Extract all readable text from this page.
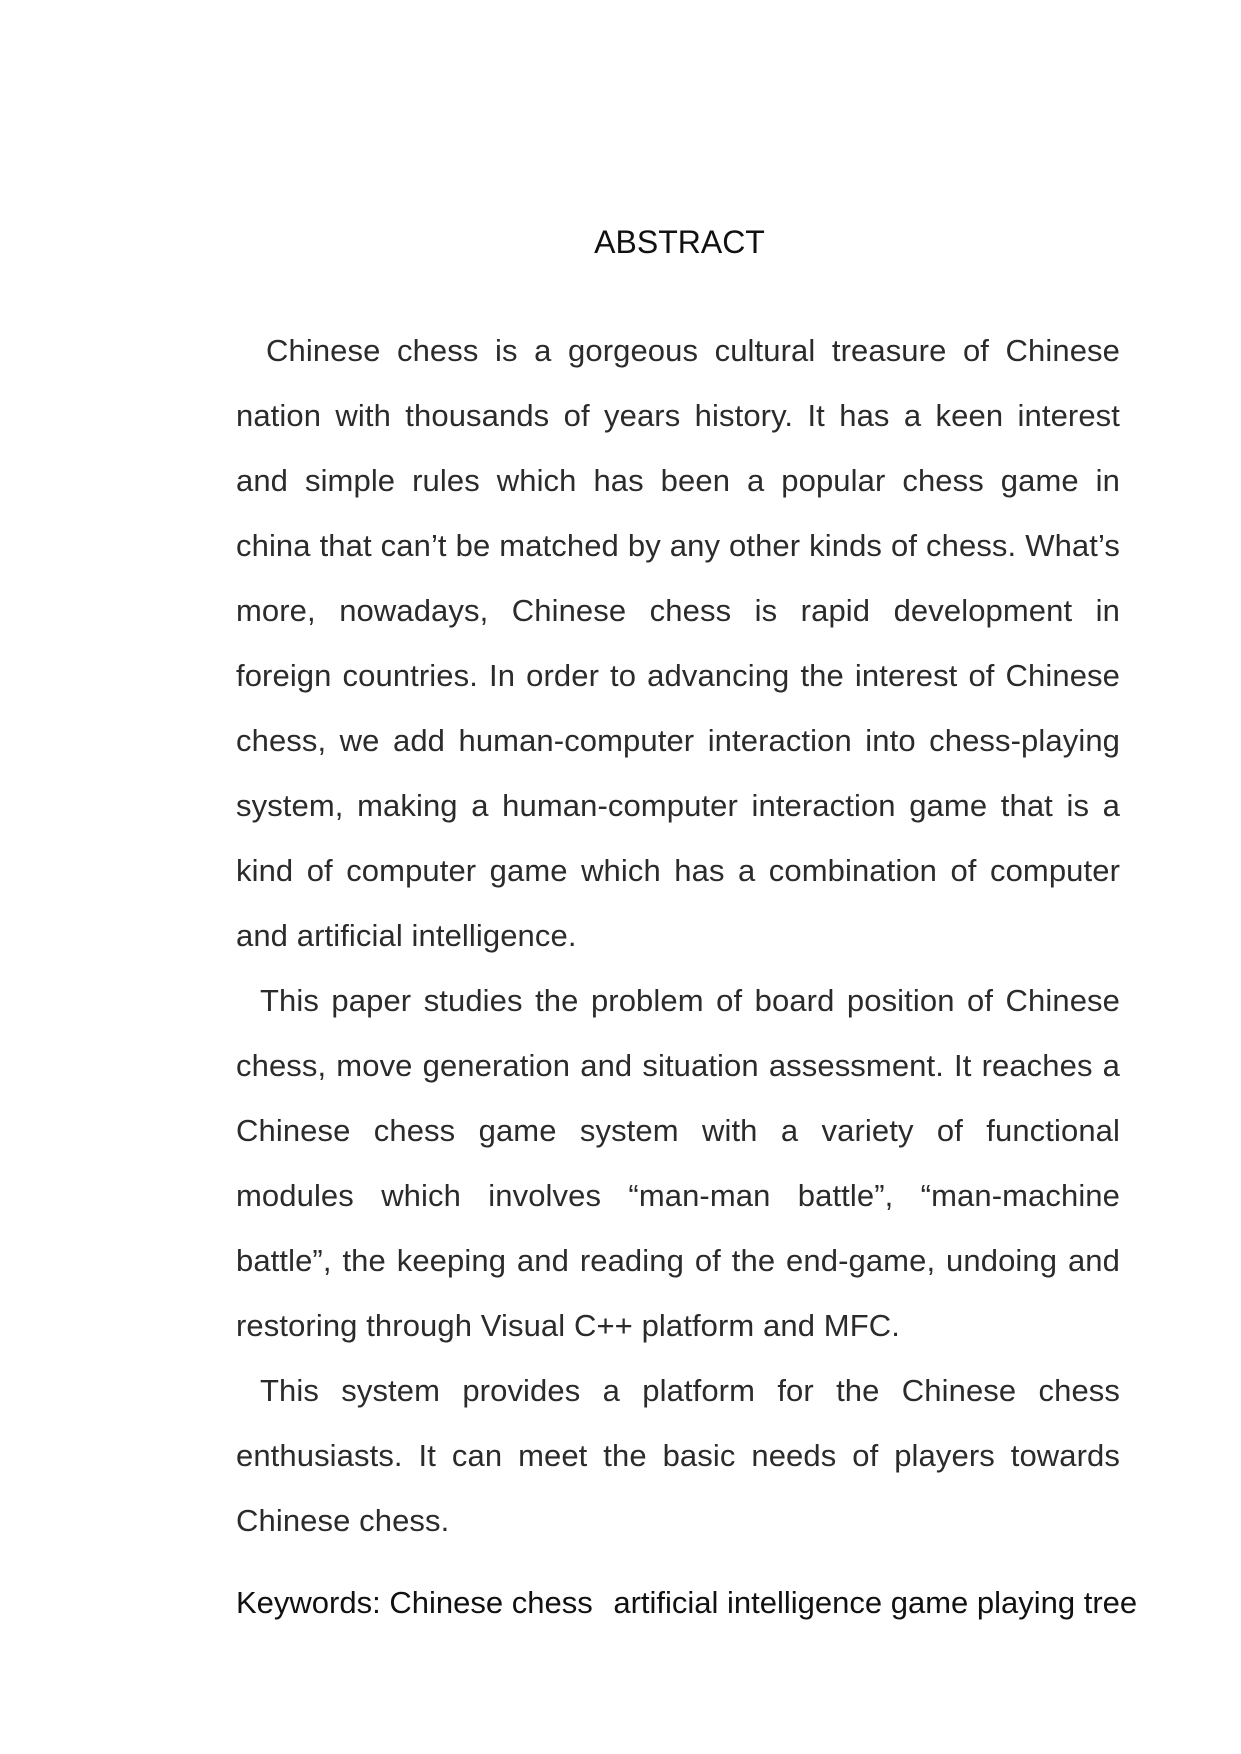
ABSTRACT

Chinese chess is a gorgeous cultural treasure of Chinese nation with thousands of years history. It has a keen interest and simple rules which has been a popular chess game in china that can’t be matched by any other kinds of chess. What’s more, nowadays, Chinese chess is rapid development in foreign countries. In order to advancing the interest of Chinese chess, we add human-computer interaction into chess-playing system, making a human-computer interaction game that is a kind of computer game which has a combination of computer and artificial intelligence.

This paper studies the problem of board position of Chinese chess, move generation and situation assessment. It reaches a Chinese chess game system with a variety of functional modules which involves “man-man battle”, “man-machine battle”, the keeping and reading of the end-game, undoing and restoring through Visual C++ platform and MFC.

This system provides a platform for the Chinese chess enthusiasts. It can meet the basic needs of players towards Chinese chess.

Keywords: Chinese chess artificial intelligence game playing tree
